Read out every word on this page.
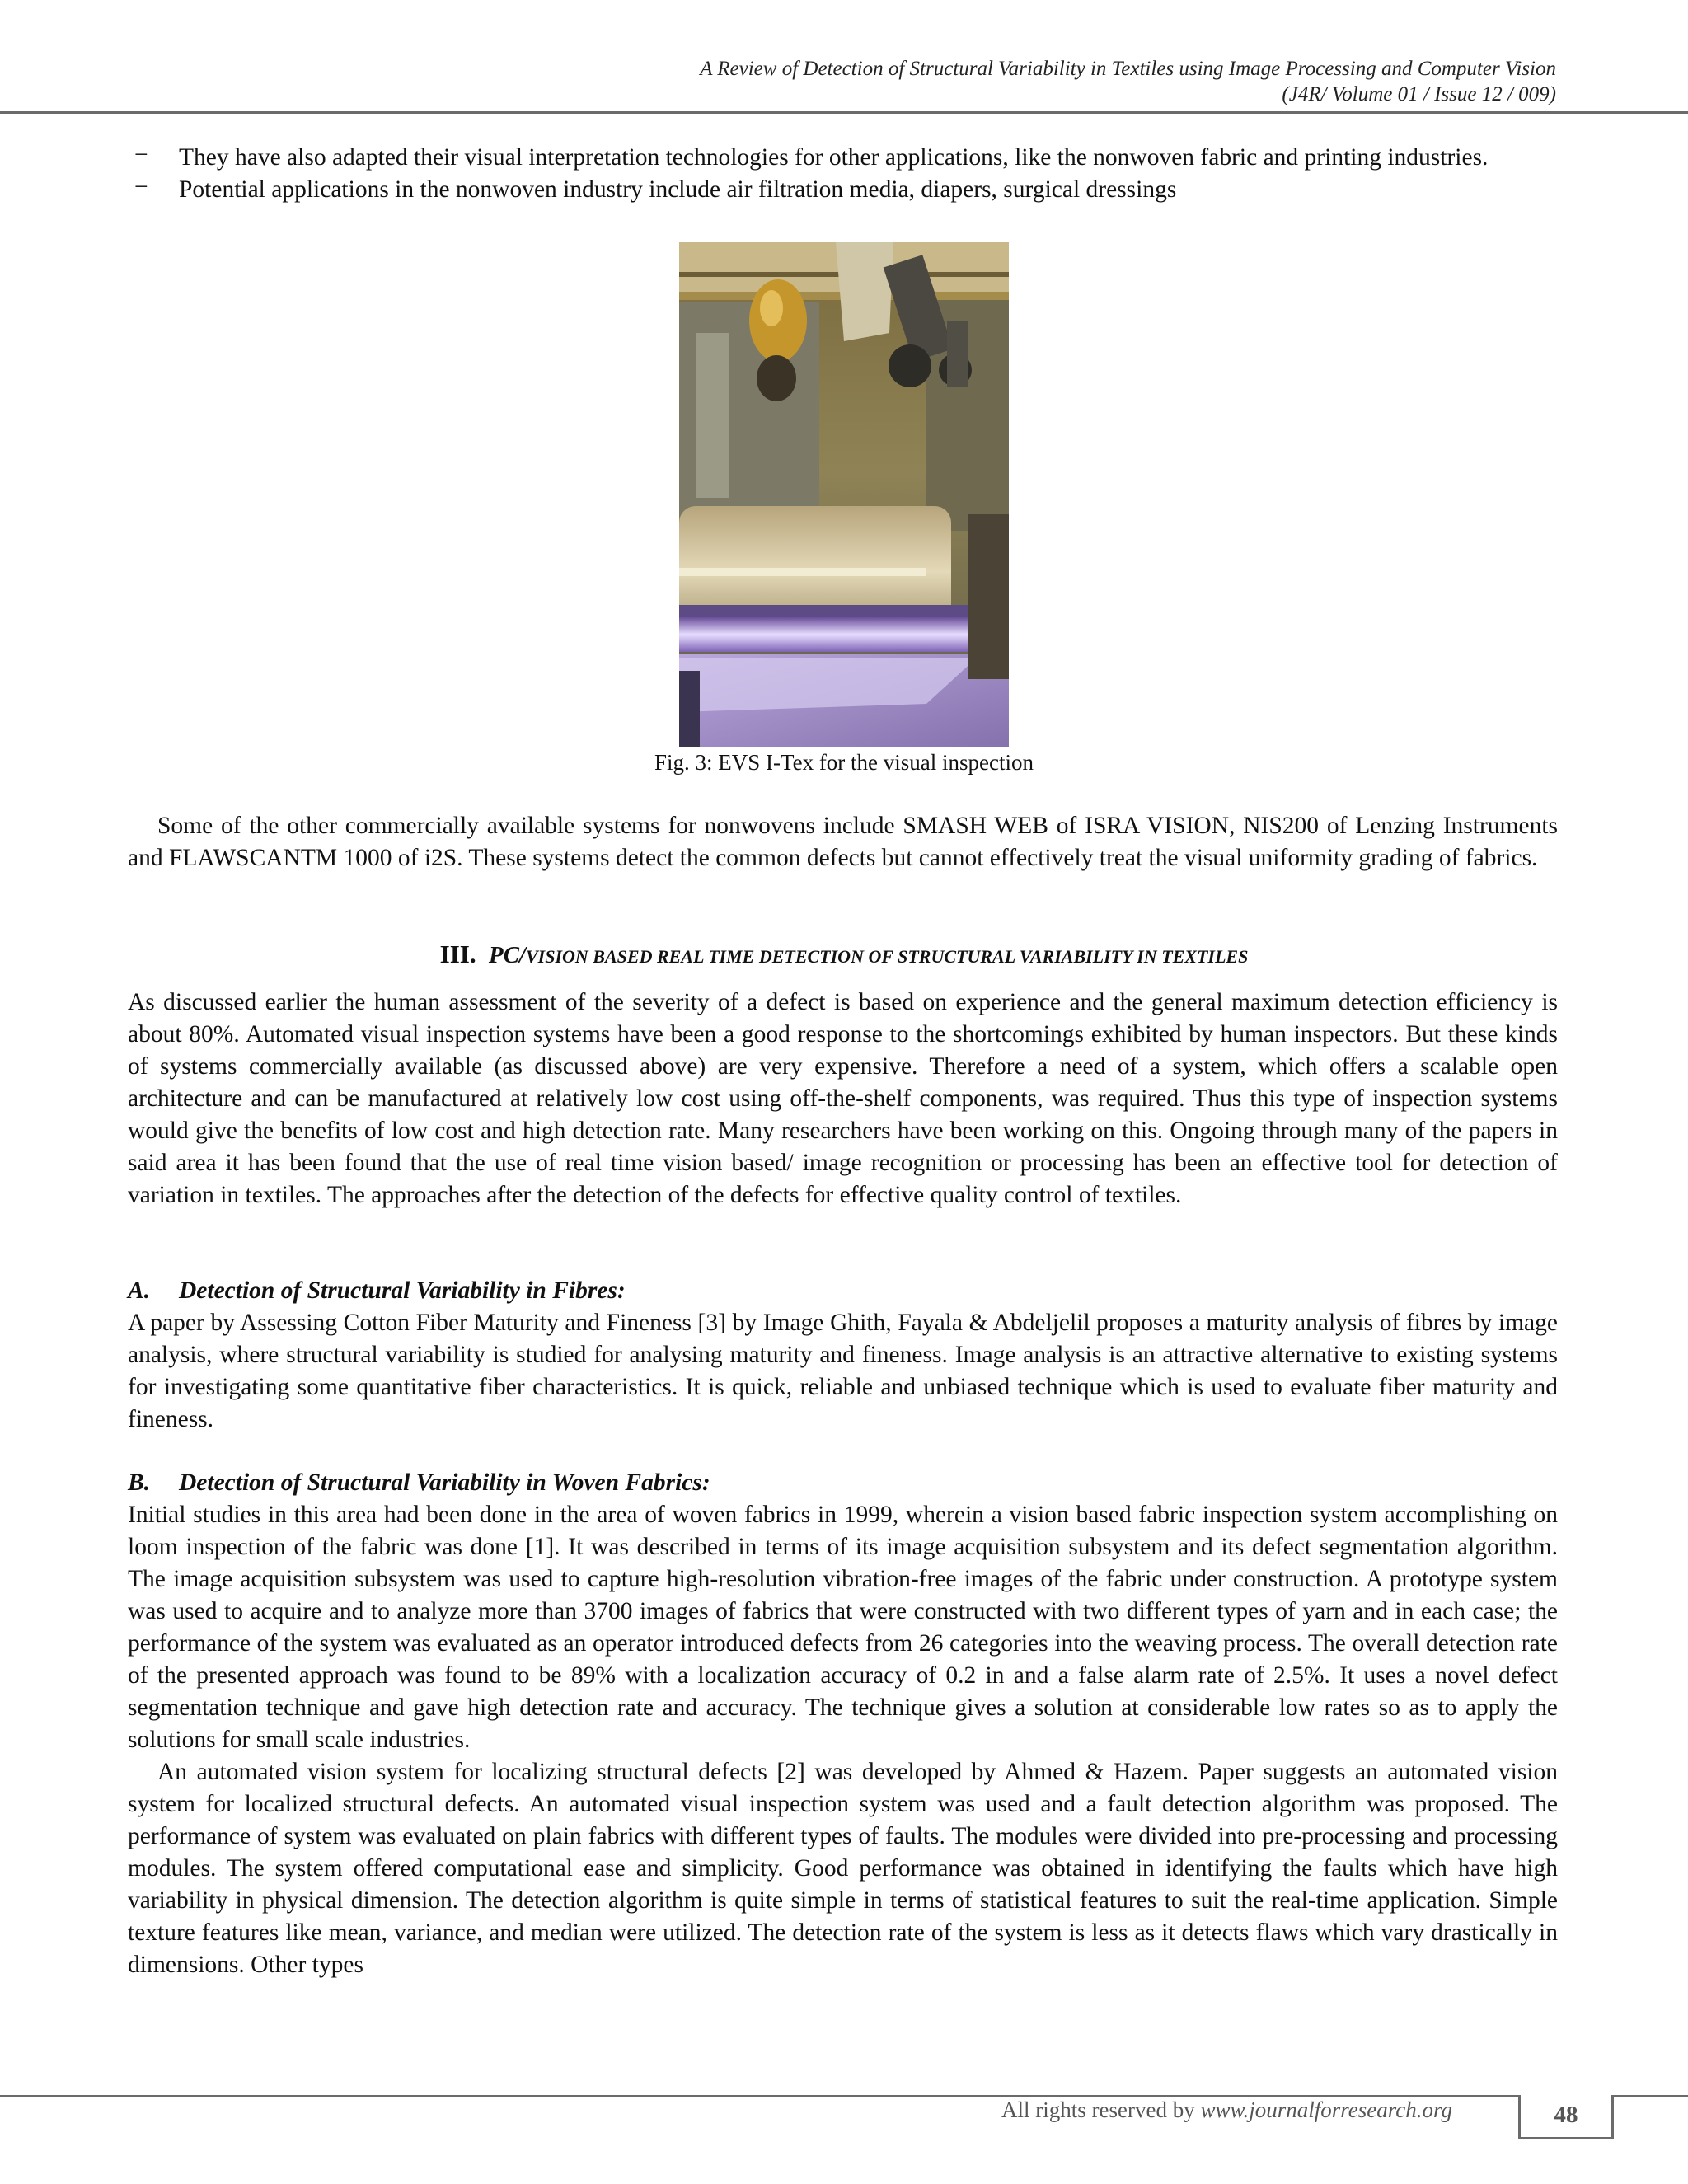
A Review of Detection of Structural Variability in Textiles using Image Processing and Computer Vision
(J4R/ Volume 01 / Issue 12 / 009)
− They have also adapted their visual interpretation technologies for other applications, like the nonwoven fabric and printing industries.
− Potential applications in the nonwoven industry include air filtration media, diapers, surgical dressings
Fig. 3: EVS I-Tex for the visual inspection
Some of the other commercially available systems for nonwovens include SMASH WEB of ISRA VISION, NIS200 of Lenzing Instruments and FLAWSCANTM 1000 of i2S. These systems detect the common defects but cannot effectively treat the visual uniformity grading of fabrics.
III. PC/VISION BASED REAL TIME DETECTION OF STRUCTURAL VARIABILITY IN TEXTILES
As discussed earlier the human assessment of the severity of a defect is based on experience and the general maximum detection efficiency is about 80%. Automated visual inspection systems have been a good response to the shortcomings exhibited by human inspectors. But these kinds of systems commercially available (as discussed above) are very expensive. Therefore a need of a system, which offers a scalable open architecture and can be manufactured at relatively low cost using off-the-shelf components, was required. Thus this type of inspection systems would give the benefits of low cost and high detection rate. Many researchers have been working on this. Ongoing through many of the papers in said area it has been found that the use of real time vision based/ image recognition or processing has been an effective tool for detection of variation in textiles. The approaches after the detection of the defects for effective quality control of textiles.
A. Detection of Structural Variability in Fibres:

A paper by Assessing Cotton Fiber Maturity and Fineness [3] by Image Ghith, Fayala & Abdeljelil proposes a maturity analysis of fibres by image analysis, where structural variability is studied for analysing maturity and fineness. Image analysis is an attractive alternative to existing systems for investigating some quantitative fiber characteristics. It is quick, reliable and unbiased technique which is used to evaluate fiber maturity and fineness.

B. Detection of Structural Variability in Woven Fabrics:

Initial studies in this area had been done in the area of woven fabrics in 1999, wherein a vision based fabric inspection system accomplishing on loom inspection of the fabric was done [1]. It was described in terms of its image acquisition subsystem and its defect segmentation algorithm. The image acquisition subsystem was used to capture high-resolution vibration-free images of the fabric under construction. A prototype system was used to acquire and to analyze more than 3700 images of fabrics that were constructed with two different types of yarn and in each case; the performance of the system was evaluated as an operator introduced defects from 26 categories into the weaving process. The overall detection rate of the presented approach was found to be 89% with a localization accuracy of 0.2 in and a false alarm rate of 2.5%. It uses a novel defect segmentation technique and gave high detection rate and accuracy. The technique gives a solution at considerable low rates so as to apply the solutions for small scale industries.

An automated vision system for localizing structural defects [2] was developed by Ahmed & Hazem. Paper suggests an automated vision system for localized structural defects. An automated visual inspection system was used and a fault detection algorithm was proposed. The performance of system was evaluated on plain fabrics with different types of faults. The modules were divided into pre-processing and processing modules. The system offered computational ease and simplicity. Good performance was obtained in identifying the faults which have high variability in physical dimension. The detection algorithm is quite simple in terms of statistical features to suit the real-time application. Simple texture features like mean, variance, and median were utilized. The detection rate of the system is less as it detects flaws which vary drastically in dimensions. Other types

All rights reserved by www.journalforresearch.org	48
